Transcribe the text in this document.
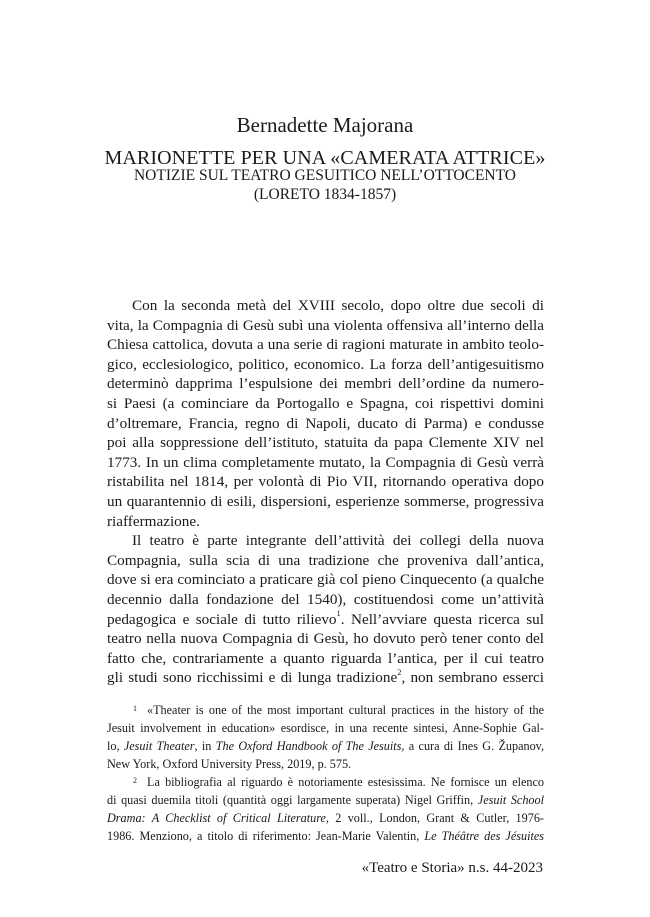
Bernadette Majorana
MARIONETTE PER UNA «CAMERATA ATTRICE»
NOTIZIE SUL TEATRO GESUITICO NELL’OTTOCENTO
(LORETO 1834-1857)
Con la seconda metà del XVIII secolo, dopo oltre due secoli di
vita, la Compagnia di Gesù subì una violenta offensiva all’interno della
Chiesa cattolica, dovuta a una serie di ragioni maturate in ambito teolo-
gico, ecclesiologico, politico, economico. La forza dell’antigesuitismo
determinò dapprima l’espulsione dei membri dell’ordine da numero-
si Paesi (a cominciare da Portogallo e Spagna, coi rispettivi domini
d’oltremare, Francia, regno di Napoli, ducato di Parma) e condusse
poi alla soppressione dell’istituto, statuita da papa Clemente XIV nel
1773. In un clima completamente mutato, la Compagnia di Gesù verrà
ristabilita nel 1814, per volontà di Pio VII, ritornando operativa dopo
un quarantennio di esili, dispersioni, esperienze sommerse, progressiva
riaffermazione.
Il teatro è parte integrante dell’attività dei collegi della nuova
Compagnia, sulla scia di una tradizione che proveniva dall’antica,
dove si era cominciato a praticare già col pieno Cinquecento (a qualche
decennio dalla fondazione del 1540), costituendosi come un’attività
pedagogica e sociale di tutto rilievo$^1$. Nell’avviare questa ricerca sul
teatro nella nuova Compagnia di Gesù, ho dovuto però tener conto del
fatto che, contrariamente a quanto riguarda l’antica, per il cui teatro
gli studi sono ricchissimi e di lunga tradizione$^2$, non sembrano esserci
$^1$ «Theater is one of the most important cultural practices in the history of the
Jesuit involvement in education» esordisce, in una recente sintesi, Anne-Sophie Gal-
lo, Jesuit Theater, in The Oxford Handbook of The Jesuits, a cura di Ines G. Županov,
New York, Oxford University Press, 2019, p. 575.
$^2$ La bibliografia al riguardo è notoriamente estesissima. Ne fornisce un elenco
di quasi duemila titoli (quantità oggi largamente superata) Nigel Griffin, Jesuit School
Drama: A Checklist of Critical Literature, 2 voll., London, Grant & Cutler, 1976-
1986. Menziono, a titolo di riferimento: Jean-Marie Valentin, Le Théâtre des Jésuites
«Teatro e Storia» n.s. 44-2023
